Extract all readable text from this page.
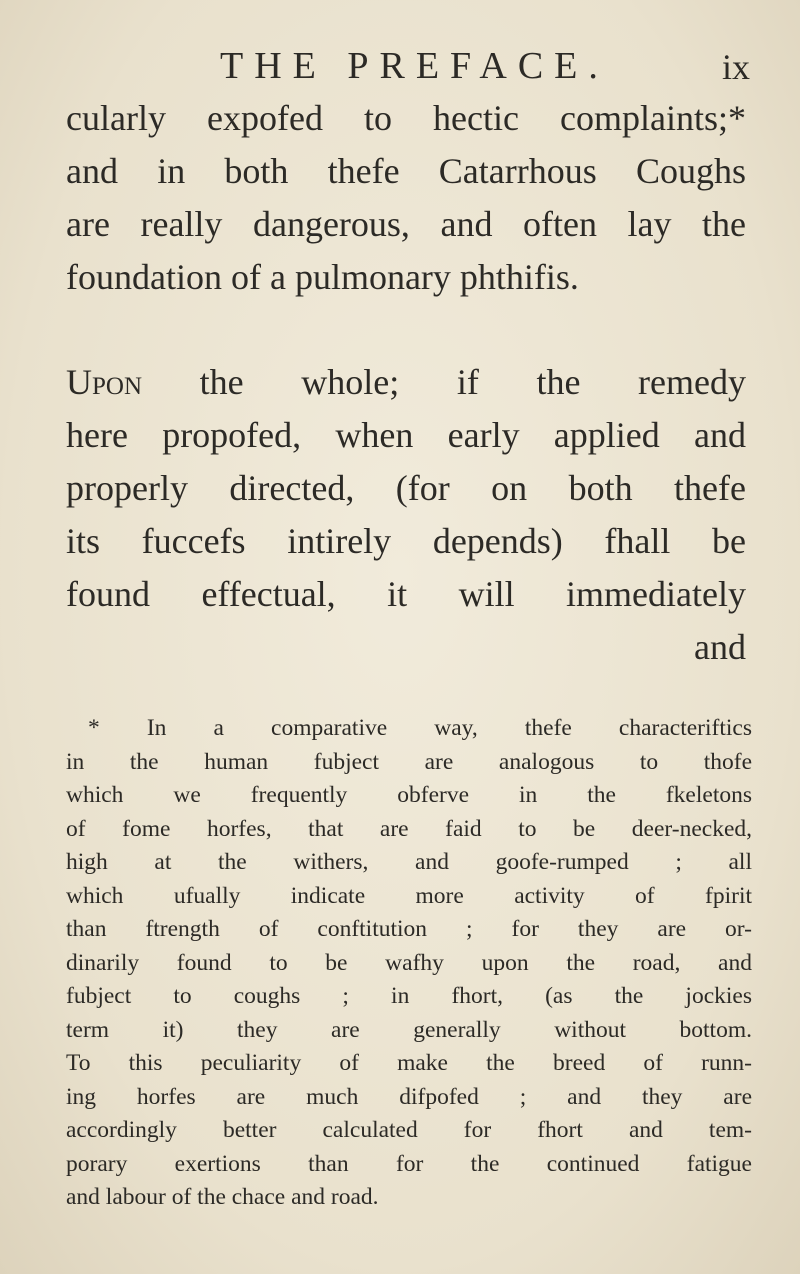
THE PREFACE.	ix
cularly expofed to hectic complaints;*
and in both thefe Catarrhous Coughs
are really dangerous, and often lay the
foundation of a pulmonary phthifis.
Upon the whole; if the remedy
here propofed, when early applied and
properly directed, (for on both thefe
its fuccefs intirely depends) fhall be
found effectual, it will immediately
and
* In a comparative way, thefe characteriftics
in the human fubject are analogous to thofe
which we frequently obferve in the fkeletons
of fome horfes, that are faid to be deer-necked,
high at the withers, and goofe-rumped ; all
which ufually indicate more activity of fpirit
than ftrength of conftitution ; for they are or-
dinarily found to be wafhy upon the road, and
fubject to coughs ; in fhort, (as the jockies
term it) they are generally without bottom.
To this peculiarity of make the breed of runn-
ing horfes are much difpofed ; and they are
accordingly better calculated for fhort and tem-
porary exertions than for the continued fatigue
and labour of the chace and road.
